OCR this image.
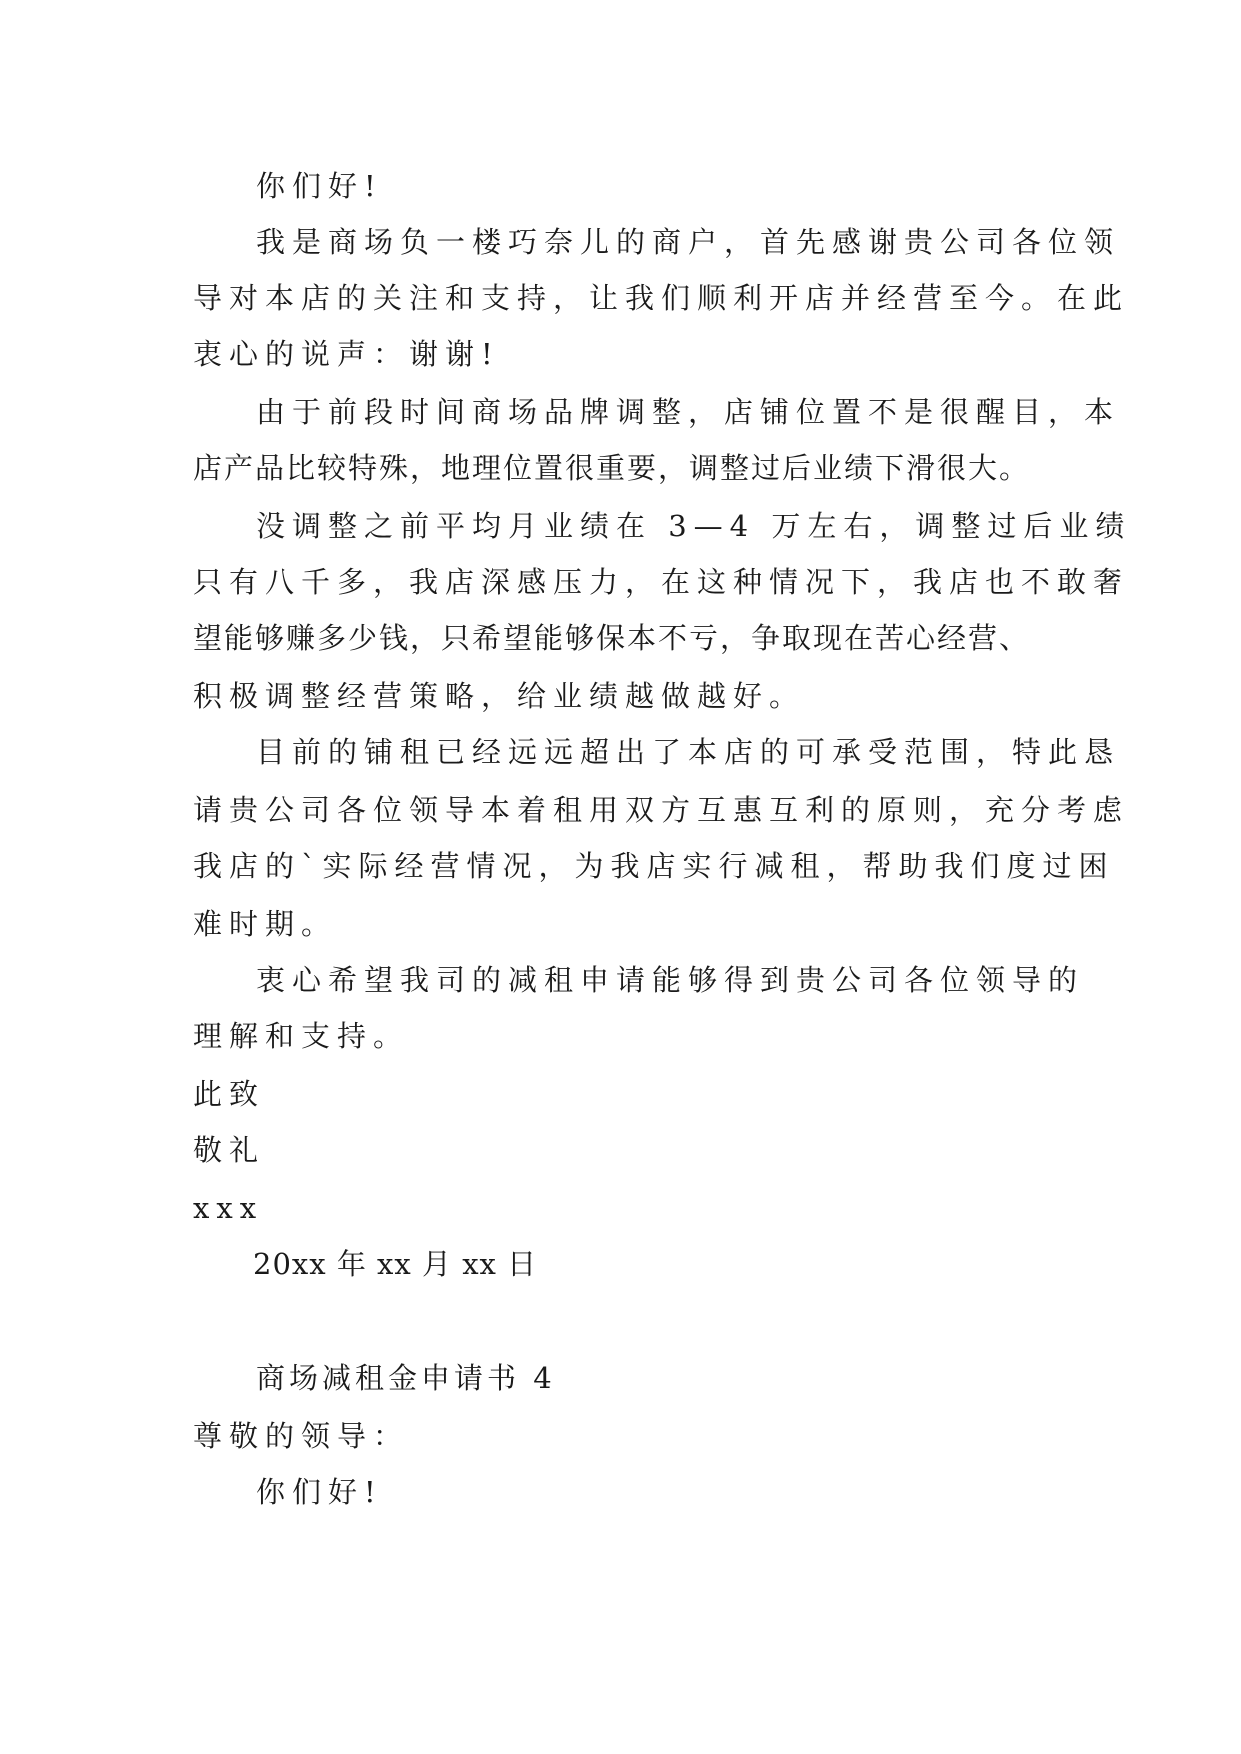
你们好!
我是商场负一楼巧奈儿的商户，首先感谢贵公司各位领
导对本店的关注和支持，让我们顺利开店并经营至今。在此
衷心的说声：谢谢!
由于前段时间商场品牌调整，店铺位置不是很醒目，本
店产品比较特殊，地理位置很重要，调整过后业绩下滑很大。
没调整之前平均月业绩在 3—4 万左右，调整过后业绩
只有八千多，我店深感压力，在这种情况下，我店也不敢奢
望能够赚多少钱，只希望能够保本不亏，争取现在苦心经营、
积极调整经营策略，给业绩越做越好。
目前的铺租已经远远超出了本店的可承受范围，特此恳
请贵公司各位领导本着租用双方互惠互利的原则，充分考虑
我店的`实际经营情况，为我店实行减租，帮助我们度过困
难时期。
衷心希望我司的减租申请能够得到贵公司各位领导的
理解和支持。
此致
敬礼
xxx
20xx 年 xx 月 xx 日
商场减租金申请书 4
尊敬的领导：
你们好!
